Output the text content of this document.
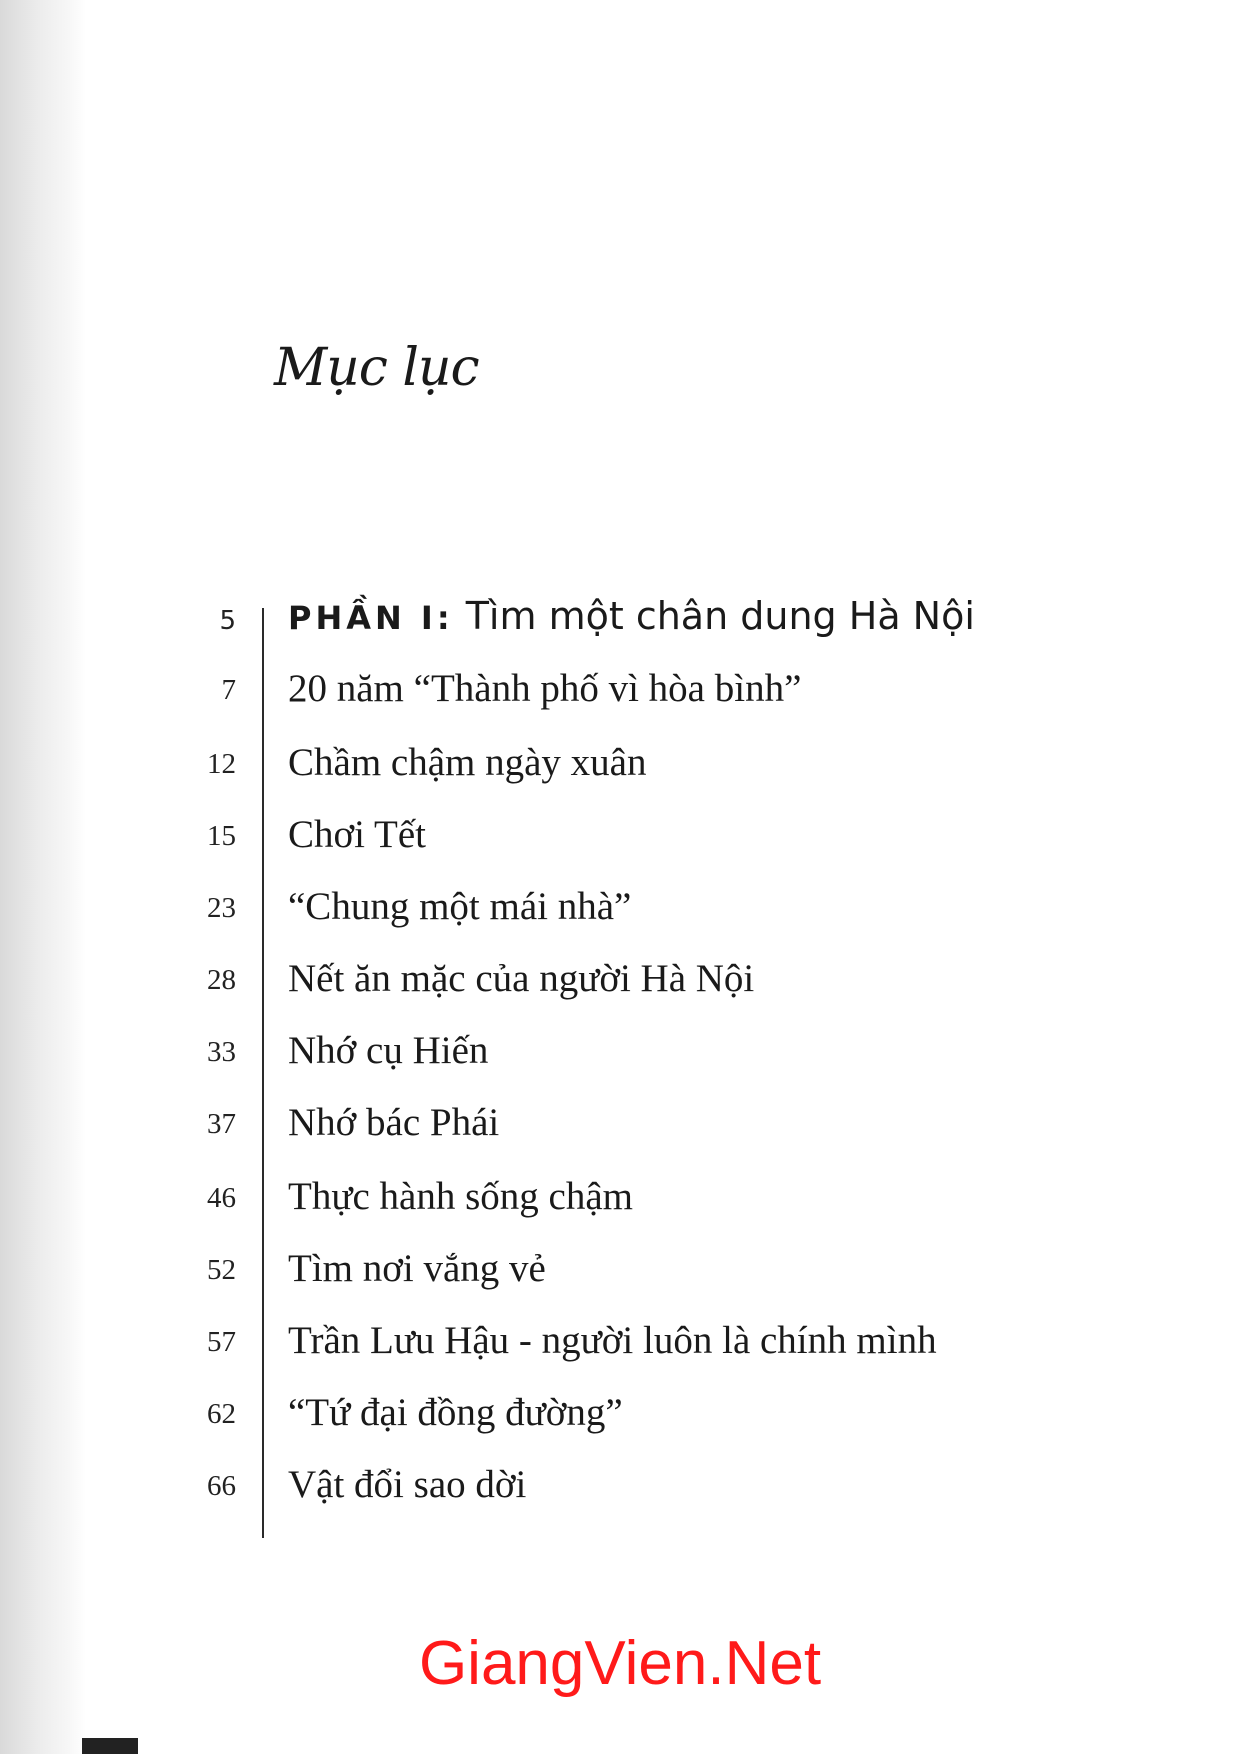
Mục lục
5 PHẦN I: Tìm một chân dung Hà Nội
7 20 năm “Thành phố vì hòa bình”
12 Chầm chậm ngày xuân
15 Chơi Tết
23 “Chung một mái nhà”
28 Nết ăn mặc của người Hà Nội
33 Nhớ cụ Hiến
37 Nhớ bác Phái
46 Thực hành sống chậm
52 Tìm nơi vắng vẻ
57 Trần Lưu Hậu - người luôn là chính mình
62 “Tứ đại đồng đường”
66 Vật đổi sao dời
GiangVien.Net
